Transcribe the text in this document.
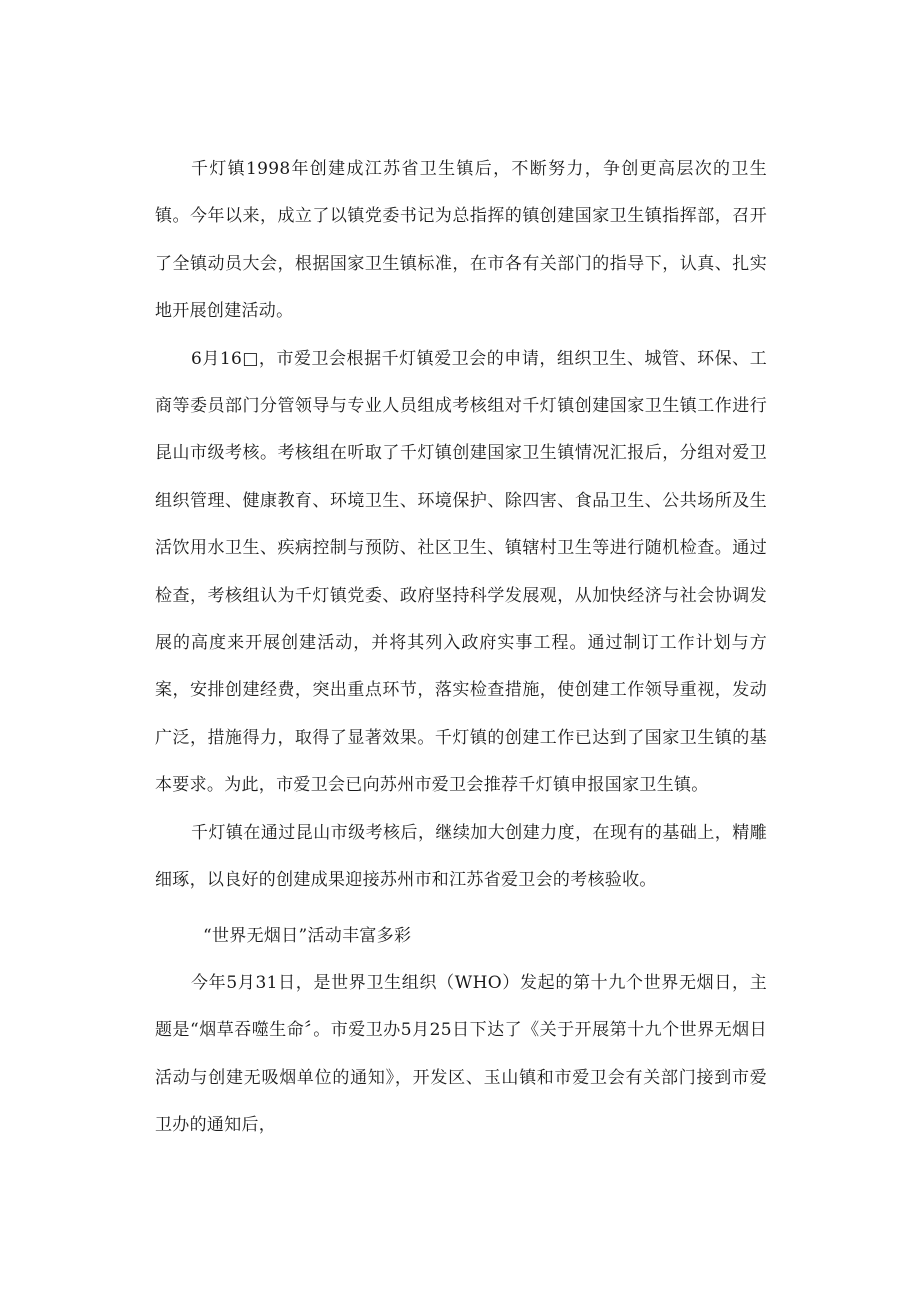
千灯镇1998年创建成江苏省卫生镇后，不断努力，争创更高层次的卫生镇。今年以来，成立了以镇党委书记为总指挥的镇创建国家卫生镇指挥部，召开了全镇动员大会，根据国家卫生镇标准，在市各有关部门的指导下，认真、扎实地开展创建活动。

6月16□，市爱卫会根据千灯镇爱卫会的申请，组织卫生、城管、环保、工商等委员部门分管领导与专业人员组成考核组对千灯镇创建国家卫生镇工作进行昆山市级考核。考核组在听取了千灯镇创建国家卫生镇情况汇报后，分组对爱卫组织管理、健康教育、环境卫生、环境保护、除四害、食品卫生、公共场所及生活饮用水卫生、疾病控制与预防、社区卫生、镇辖村卫生等进行随机检查。通过检查，考核组认为千灯镇党委、政府坚持科学发展观，从加快经济与社会协调发展的高度来开展创建活动，并将其列入政府实事工程。通过制订工作计划与方案，安排创建经费，突出重点环节，落实检查措施，使创建工作领导重视，发动广泛，措施得力，取得了显著效果。千灯镇的创建工作已达到了国家卫生镇的基本要求。为此，市爱卫会已向苏州市爱卫会推荐千灯镇申报国家卫生镇。

千灯镇在通过昆山市级考核后，继续加大创建力度，在现有的基础上，精雕细琢，以良好的创建成果迎接苏州市和江苏省爱卫会的考核验收。

“世界无烟日”活动丰富多彩

今年5月31日，是世界卫生组织（WHO）发起的第十九个世界无烟日，主题是“烟草吞噬生命〞。市爱卫办5月25日下达了《关于开展第十九个世界无烟日活动与创建无吸烟单位的通知》，开发区、玉山镇和市爱卫会有关部门接到市爱卫办的通知后，
